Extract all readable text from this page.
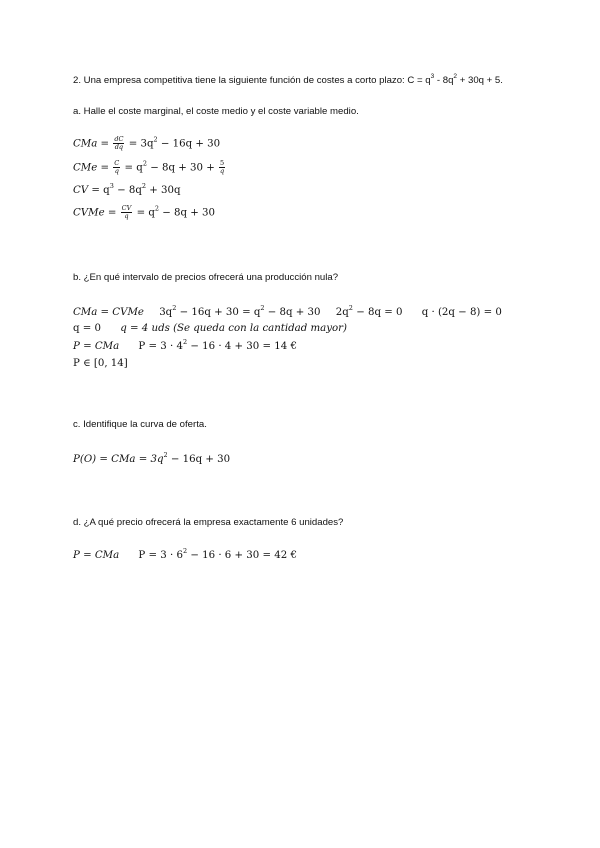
2. Una empresa competitiva tiene la siguiente función de costes a corto plazo: $C = q^3 - 8q^2 + 30q + 5$.
a. Halle el coste marginal, el coste medio y el coste variable medio.
CMa = $\frac{dC}{dq} = 3q^2 - 16q + 30$
CMe = $\frac{C}{q} = q^2 - 8q + 30 + \frac{5}{q}$
CV = $q^3 - 8q^2 + 30q$
CVMe = $\frac{CV}{q} = q^2 - 8q + 30$
b. ¿En qué intervalo de precios ofrecerá una producción nula?
CMa = CVMe $3q^2 - 16q + 30 = q^2 - 8q + 30$ $2q^2 - 8q = 0$ q · (2q − 8) = 0
q = 0 q = 4 uds (Se queda con la cantidad mayor)
P = CMa $P = 3 \cdot 4^2 - 16 \cdot 4 + 30 = 14$ €
P ∈ [0, 14]
c. Identifique la curva de oferta.
P(O) = CMa = $3q^2 - 16q + 30$
d. ¿A qué precio ofrecerá la empresa exactamente 6 unidades?
P = CMa $P = 3 \cdot 6^2 - 16 \cdot 6 + 30 = 42$ €
